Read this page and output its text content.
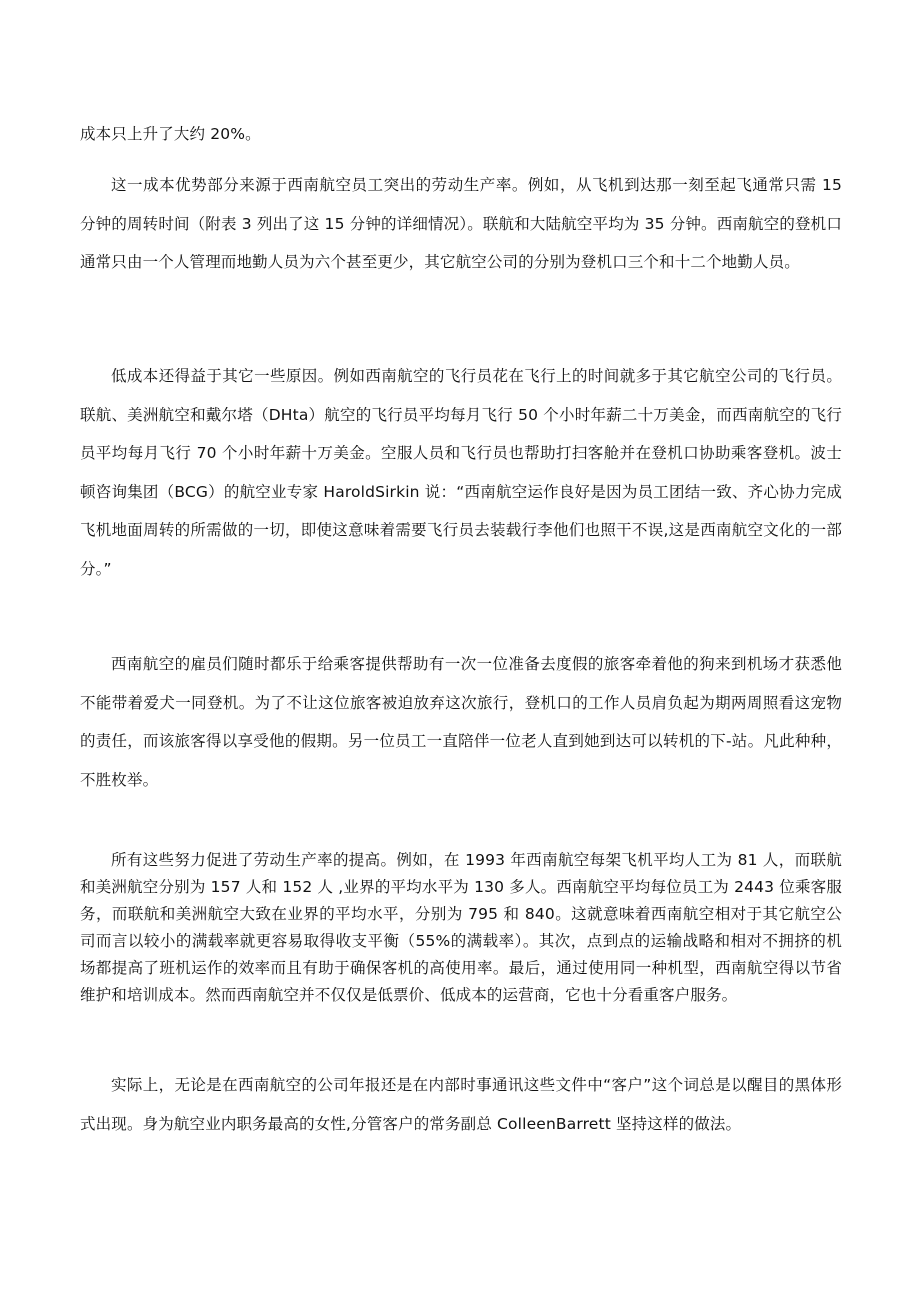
成本只上升了大约 20%。

这一成本优势部分来源于西南航空员工突出的劳动生产率。例如，从飞机到达那一刻至起飞通常只需 15 分钟的周转时间（附表 3 列出了这 15 分钟的详细情况）。联航和大陆航空平均为 35 分钟。西南航空的登机口通常只由一个人管理而地勤人员为六个甚至更少，其它航空公司的分别为登机口三个和十二个地勤人员。

低成本还得益于其它一些原因。例如西南航空的飞行员花在飞行上的时间就多于其它航空公司的飞行员。联航、美洲航空和戴尔塔（DHta）航空的飞行员平均每月飞行 50 个小时年薪二十万美金，而西南航空的飞行员平均每月飞行 70 个小时年薪十万美金。空服人员和飞行员也帮助打扫客舱并在登机口协助乘客登机。波士顿咨询集团（BCG）的航空业专家 HaroldSirkin 说：“西南航空运作良好是因为员工团结一致、齐心协力完成飞机地面周转的所需做的一切，即使这意味着需要飞行员去装载行李他们也照干不误,这是西南航空文化的一部分。”

西南航空的雇员们随时都乐于给乘客提供帮助有一次一位准备去度假的旅客牵着他的狗来到机场才获悉他不能带着爱犬一同登机。为了不让这位旅客被迫放弃这次旅行，登机口的工作人员肩负起为期两周照看这宠物的责任，而该旅客得以享受他的假期。另一位员工一直陪伴一位老人直到她到达可以转机的下-站。凡此种种，不胜枚举。

所有这些努力促进了劳动生产率的提高。例如，在 1993 年西南航空每架飞机平均人工为 81 人，而联航和美洲航空分别为 157 人和 152 人 ,业界的平均水平为 130 多人。西南航空平均每位员工为 2443 位乘客服务，而联航和美洲航空大致在业界的平均水平，分别为 795 和 840。这就意味着西南航空相对于其它航空公司而言以较小的满载率就更容易取得收支平衡（55%的满载率）。其次，点到点的运输战略和相对不拥挤的机场都提高了班机运作的效率而且有助于确保客机的高使用率。最后，通过使用同一种机型，西南航空得以节省维护和培训成本。然而西南航空并不仅仅是低票价、低成本的运营商，它也十分看重客户服务。

实际上，无论是在西南航空的公司年报还是在内部时事通讯这些文件中“客户”这个词总是以醒目的黑体形式出现。身为航空业内职务最高的女性,分管客户的常务副总 ColleenBarrett 坚持这样的做法。
